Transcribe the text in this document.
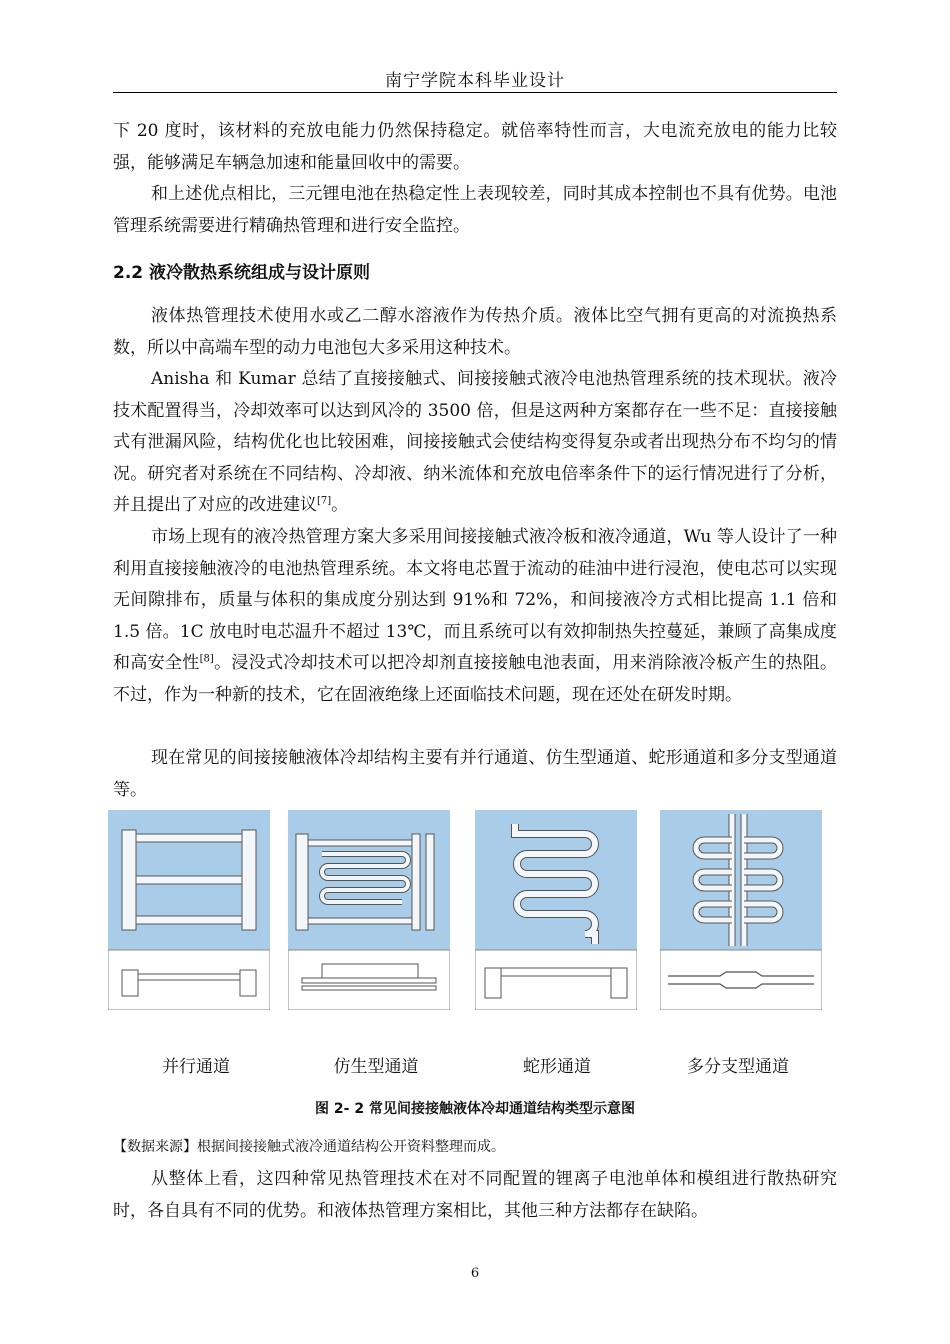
南宁学院本科毕业设计

下 20 度时，该材料的充放电能力仍然保持稳定。就倍率特性而言，大电流充放电的能力比较强，能够满足车辆急加速和能量回收中的需要。

和上述优点相比，三元锂电池在热稳定性上表现较差，同时其成本控制也不具有优势。电池管理系统需要进行精确热管理和进行安全监控。

2.2 液冷散热系统组成与设计原则

液体热管理技术使用水或乙二醇水溶液作为传热介质。液体比空气拥有更高的对流换热系数，所以中高端车型的动力电池包大多采用这种技术。

Anisha 和 Kumar 总结了直接接触式、间接接触式液冷电池热管理系统的技术现状。液冷技术配置得当，冷却效率可以达到风冷的 3500 倍，但是这两种方案都存在一些不足：直接接触式有泄漏风险，结构优化也比较困难，间接接触式会使结构变得复杂或者出现热分布不均匀的情况。研究者对系统在不同结构、冷却液、纳米流体和充放电倍率条件下的运行情况进行了分析，并且提出了对应的改进建议[7]。

市场上现有的液冷热管理方案大多采用间接接触式液冷板和液冷通道，Wu 等人设计了一种利用直接接触液冷的电池热管理系统。本文将电芯置于流动的硅油中进行浸泡，使电芯可以实现无间隙排布，质量与体积的集成度分别达到 91%和 72%，和间接液冷方式相比提高 1.1 倍和 1.5 倍。1C 放电时电芯温升不超过 13℃，而且系统可以有效抑制热失控蔓延，兼顾了高集成度和高安全性[8]。浸没式冷却技术可以把冷却剂直接接触电池表面，用来消除液冷板产生的热阻。不过，作为一种新的技术，它在固液绝缘上还面临技术问题，现在还处在研发时期。

现在常见的间接接触液体冷却结构主要有并行通道、仿生型通道、蛇形通道和多分支型通道等。

并行通道	仿生型通道	蛇形通道	多分支型通道
图 2- 2 常见间接接触液体冷却通道结构类型示意图
【数据来源】根据间接接触式液冷通道结构公开资料整理而成。

从整体上看，这四种常见热管理技术在对不同配置的锂离子电池单体和模组进行散热研究时，各自具有不同的优势。和液体热管理方案相比，其他三种方法都存在缺陷。

6
